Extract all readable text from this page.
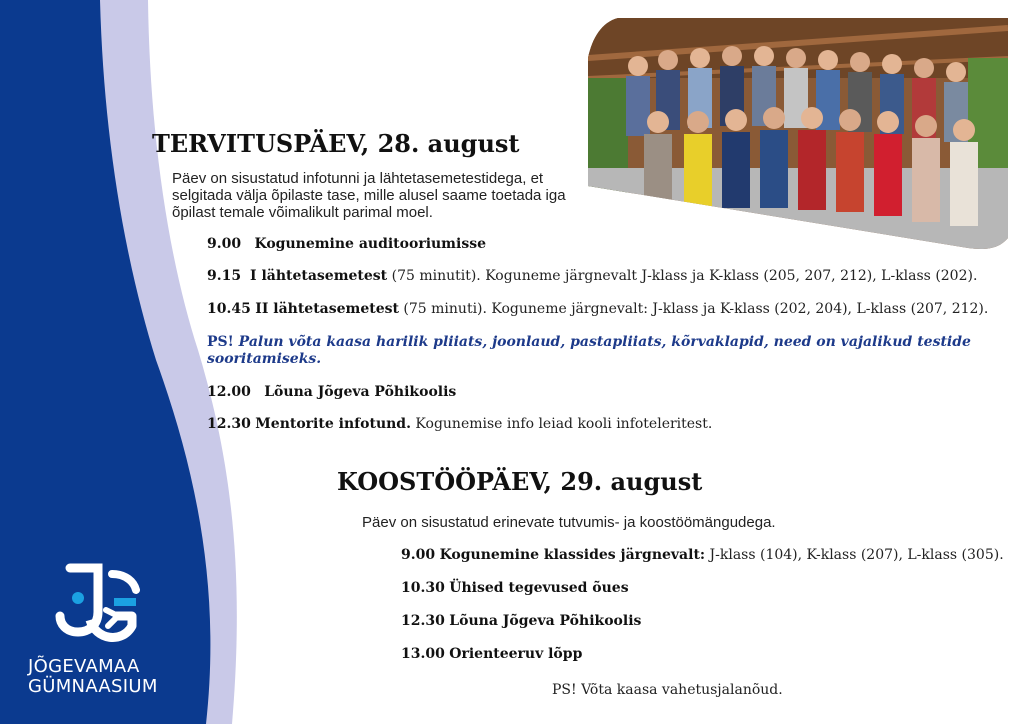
JÕGEVAMAA
GÜMNAASIUM
TERVITUSPÄEV, 28. august
Päev on sisustatud infotunni ja lähtetasemetestidega, et selgitada välja õpilaste tase, mille alusel saame toetada iga õpilast temale võimalikult parimal moel.
9.00 Kogunemine auditooriumisse
9.15 I lähtetasemetest (75 minutit). Koguneme järgnevalt J-klass ja K-klass (205, 207, 212), L-klass (202).
10.45 II lähtetasemetest (75 minuti). Koguneme järgnevalt: J-klass ja K-klass (202, 204), L-klass (207, 212).
PS! Palun võta kaasa harilik pliiats, joonlaud, pastapliiats, kõrvaklapid, need on vajalikud testide sooritamiseks.
12.00 Lõuna Jõgeva Põhikoolis
12.30 Mentorite infotund. Kogunemise info leiad kooli infoteleritest.
KOOSTÖÖPÄEV, 29. august
Päev on sisustatud erinevate tutvumis- ja koostöömängudega.
9.00 Kogunemine klassides järgnevalt: J-klass (104), K-klass (207), L-klass (305).
10.30 Ühised tegevused õues
12.30 Lõuna Jõgeva Põhikoolis
13.00 Orienteeruv lõpp
PS! Võta kaasa vahetusjalanõud.
